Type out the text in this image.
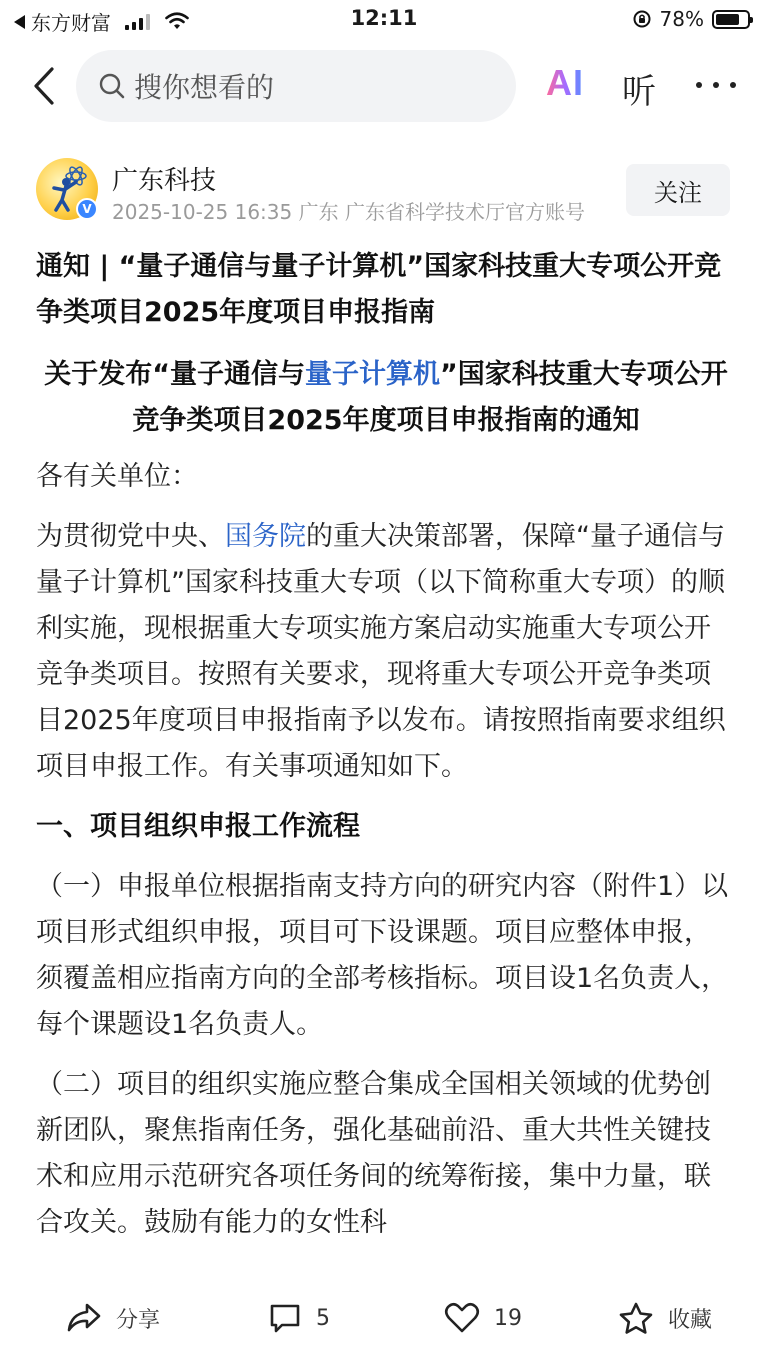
东方财富	12:11	78%
搜你想看的	AI 听
V
广东科技
2025-10-25 16:35 广东 广东省科学技术厅官方账号
关注
通知 | “量子通信与量子计算机”国家科技重大专项公开竞争类项目2025年度项目申报指南
关于发布“量子通信与量子计算机”国家科技重大专项公开竞争类项目2025年度项目申报指南的通知
各有关单位：
为贯彻党中央、国务院的重大决策部署，保障“量子通信与量子计算机”国家科技重大专项（以下简称重大专项）的顺利实施，现根据重大专项实施方案启动实施重大专项公开竞争类项目。按照有关要求，现将重大专项公开竞争类项目2025年度项目申报指南予以发布。请按照指南要求组织项目申报工作。有关事项通知如下。
一、项目组织申报工作流程
（一）申报单位根据指南支持方向的研究内容（附件1）以项目形式组织申报，项目可下设课题。项目应整体申报，须覆盖相应指南方向的全部考核指标。项目设1名负责人，每个课题设1名负责人。
（二）项目的组织实施应整合集成全国相关领域的优势创新团队，聚焦指南任务，强化基础前沿、重大共性关键技术和应用示范研究各项任务间的统筹衔接，集中力量，联合攻关。鼓励有能力的女性科
分享	5	19	收藏
